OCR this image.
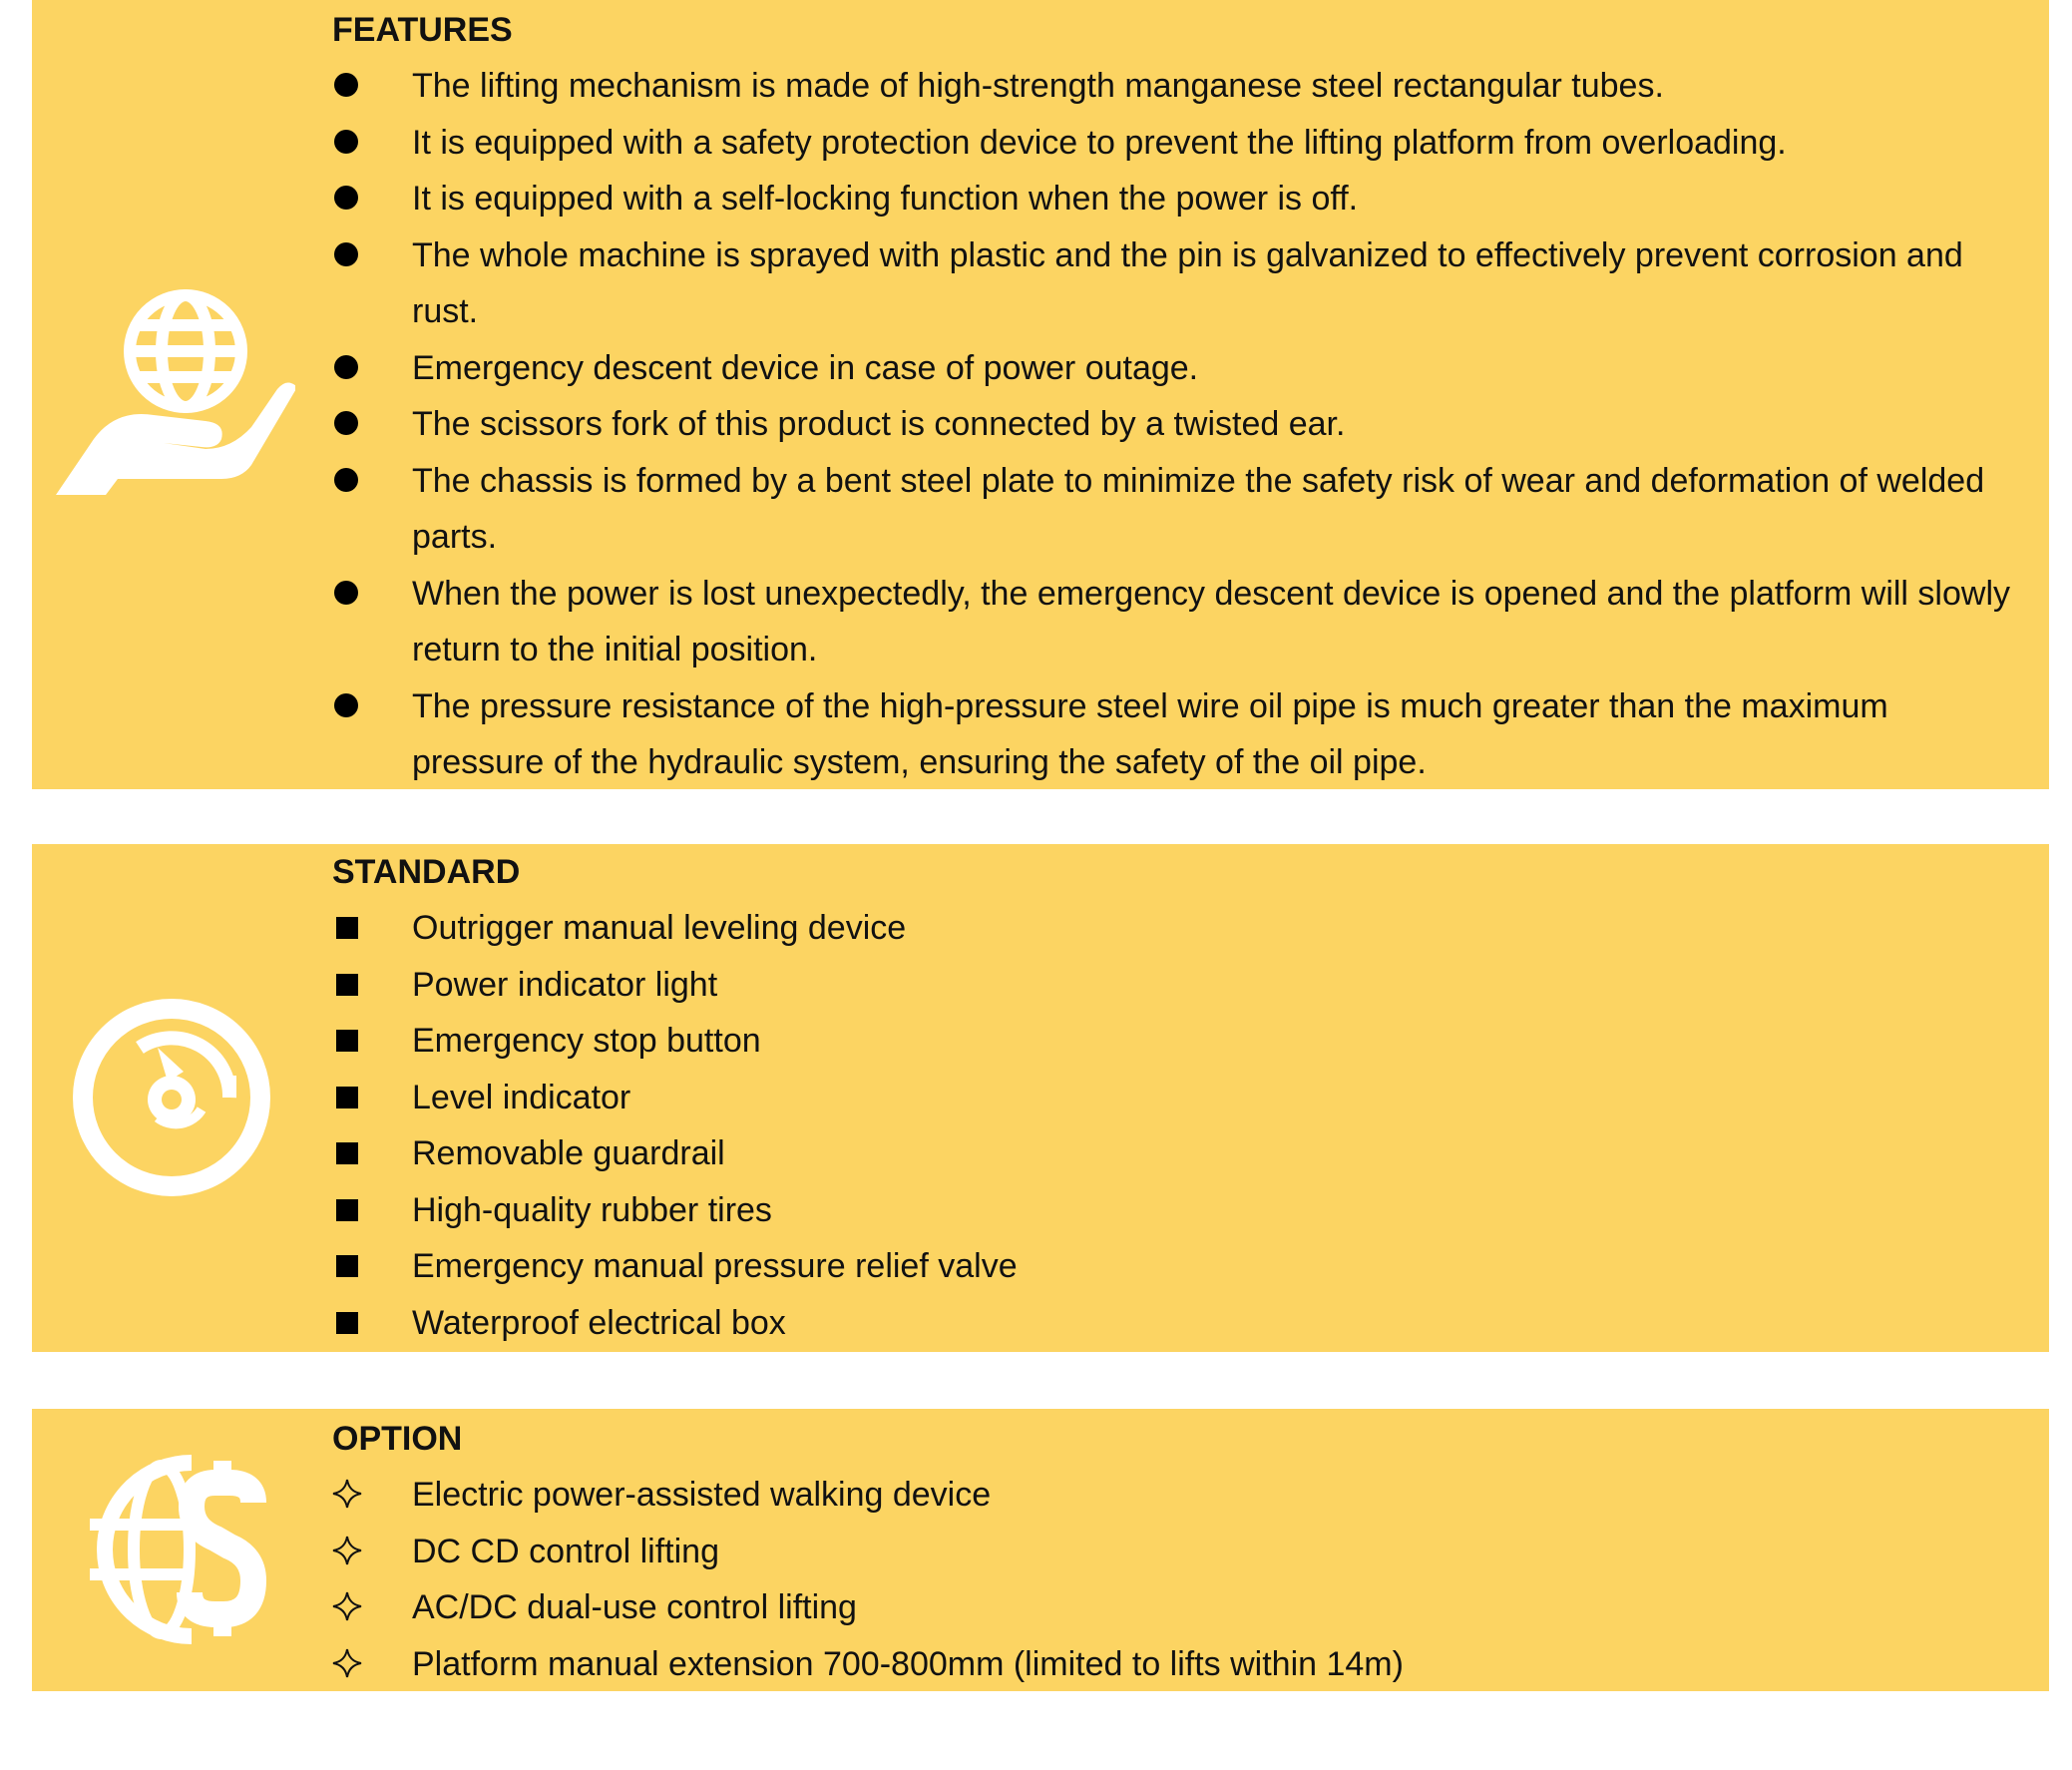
FEATURES
The lifting mechanism is made of high-strength manganese steel rectangular tubes.
It is equipped with a safety protection device to prevent the lifting platform from overloading.
It is equipped with a self-locking function when the power is off.
The whole machine is sprayed with plastic and the pin is galvanized to effectively prevent corrosion and rust.
Emergency descent device in case of power outage.
The scissors fork of this product is connected by a twisted ear.
The chassis is formed by a bent steel plate to minimize the safety risk of wear and deformation of welded parts.
When the power is lost unexpectedly, the emergency descent device is opened and the platform will slowly return to the initial position.
The pressure resistance of the high-pressure steel wire oil pipe is much greater than the maximum pressure of the hydraulic system, ensuring the safety of the oil pipe.
STANDARD
Outrigger manual leveling device
Power indicator light
Emergency stop button
Level indicator
Removable guardrail
High-quality rubber tires
Emergency manual pressure relief valve
Waterproof electrical box
OPTION
Electric power-assisted walking device
DC CD control lifting
AC/DC dual-use control lifting
Platform manual extension 700-800mm (limited to lifts within 14m)
